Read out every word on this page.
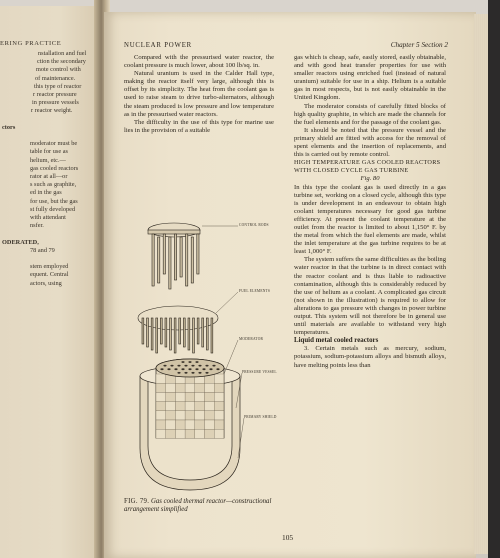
ERING PRACTICE
nstallation and fuel
ction the secondary
mote control with
of maintenance.
this type of reactor
r reactor pressure
in pressure vessels
r reactor weight.
ctors
moderator must be
table for use as
helium, etc.—
gas cooled reactors
rator at all—or
s such as graphite,
ed in the gas
for use, but the gas
st fully developed
with attendant
nsfer.
ODERATED,
78 and 79
stem employed
equent. Central
actors, using
NUCLEAR POWER	Chapter 5 Section 2

Compared with the pressurised water reactor, the coolant pressure is much lower, about 100 lb/sq. in.

Natural uranium is used in the Calder Hall type, making the reactor itself very large, although this is offset by its simplicity. The heat from the coolant gas is used to raise steam to drive turbo-alternators, although the steam produced is low pressure and low temperature as in the pressurised water reactors.

The difficulty in the use of this type for marine use lies in the provision of a suitable

CONTROL RODS
FUEL ELEMENTS
MODERATOR
PRESSURE VESSEL
PRIMARY SHIELD
FIG. 79. Gas cooled thermal reactor—constructional arrangement simplified

gas which is cheap, safe, easily stored, easily obtainable, and with good heat transfer properties for use with smaller reactors using enriched fuel (instead of natural uranium) suitable for use in a ship. Helium is a suitable gas in most respects, but is not easily obtainable in the United Kingdom.

The moderator consists of carefully fitted blocks of high quality graphite, in which are made the channels for the fuel elements and for the passage of the coolant gas.

It should be noted that the pressure vessel and the primary shield are fitted with access for the removal of spent elements and the insertion of replacements, and this is carried out by remote control.

HIGH TEMPERATURE GAS COOLED REACTORS

WITH CLOSED CYCLE GAS TURBINE

Fig. 80

In this type the coolant gas is used directly in a gas turbine set, working on a closed cycle, although this type is under development in an endeavour to obtain high coolant temperatures necessary for good gas turbine efficiency. At present the coolant temperature at the outlet from the reactor is limited to about 1,150° F. by the metal from which the fuel elements are made, whilst the inlet temperature at the gas turbine requires to be at least 1,000° F.

The system suffers the same difficulties as the boiling water reactor in that the turbine is in direct contact with the reactor coolant and is thus liable to radioactive contamination, although this is considerably reduced by the use of helium as a coolant. A complicated gas circuit (not shown in the illustration) is required to allow for alterations to gas pressure with changes in power turbine output. This system will not therefore be in general use until materials are available to withstand very high temperatures.

Liquid metal cooled reactors

3. Certain metals such as mercury, sodium, potassium, sodium-potassium alloys and bismuth alloys, have melting points less than

105
